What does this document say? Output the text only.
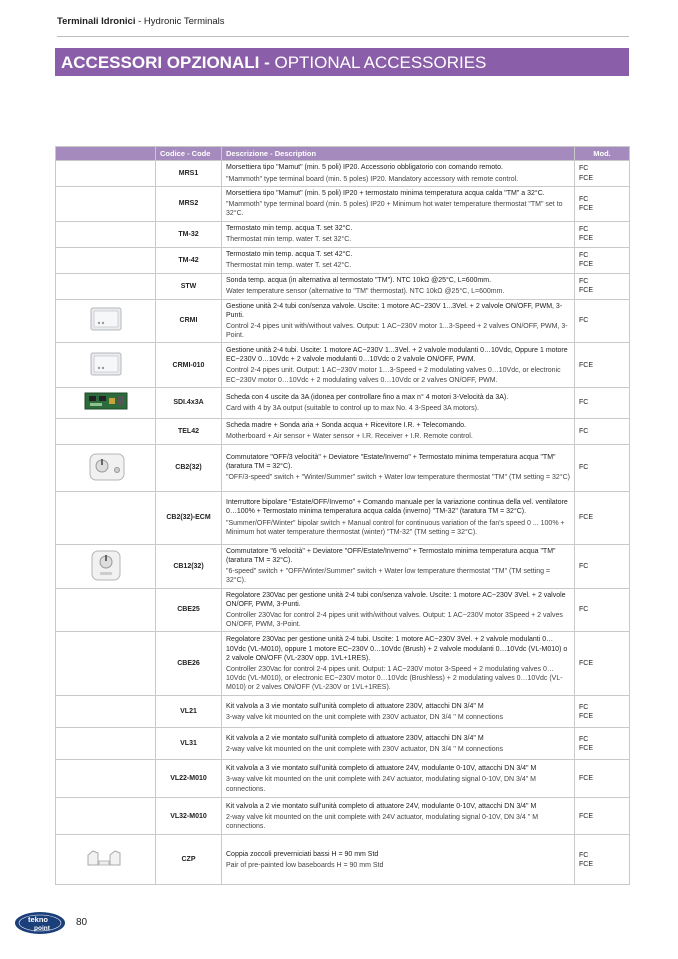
Terminali Idronici - Hydronic Terminals
ACCESSORI OPZIONALI - OPTIONAL ACCESSORIES
	Codice - Code	Descrizione - Description	Mod.
	MRS1	Morsettiera tipo "Mamut" (min. 5 poli) IP20. Accessorio obbligatorio con comando remoto.
"Mammoth" type terminal board (min. 5 poles) IP20. Mandatory accessory with remote control.	FC
FCE

	MRS2	Morsettiera tipo "Mamut" (min. 5 poli) IP20 + termostato minima temperatura acqua calda "TM" a 32°C.
"Mammoth" type terminal board (min. 5 poles) IP20 + Minimum hot water temperature thermostat "TM" set to 32°C.	FC
FCE

	TM-32	Termostato min temp. acqua T. set 32°C.
Thermostat min temp. water T. set 32°C.	FC
FCE

	TM-42	Termostato min temp. acqua T. set 42°C.
Thermostat min temp. water T. set 42°C.	FC
FCE

	STW	Sonda temp. acqua (in alternativa al termostato "TM"). NTC 10kΩ @25°C, L=600mm.
Water temperature sensor (alternative to "TM" thermostat). NTC 10kΩ @25°C, L=600mm.	FC
FCE

	CRMI	Gestione unità 2-4 tubi con/senza valvole. Uscite: 1 motore AC~230V 1...3Vel. + 2 valvole ON/OFF, PWM, 3-Punti.
Control 2-4 pipes unit with/without valves. Output: 1 AC~230V motor 1...3-Speed + 2 valves ON/OFF, PWM, 3-Point.	FC

	CRMI-010	Gestione unità 2-4 tubi. Uscite: 1 motore AC~230V 1...3Vel. + 2 valvole modulanti 0…10Vdc, Oppure 1 motore EC~230V 0…10Vdc + 2 valvole modulanti 0…10Vdc o 2 valvole ON/OFF, PWM.
Control 2-4 pipes unit. Output: 1 AC~230V motor 1…3-Speed + 2 modulating valves 0…10Vdc, or electronic EC~230V motor 0…10Vdc + 2 modulating valves 0…10Vdc or 2 valves ON/OFF, PWM.	FCE

	SDI.4x3A	Scheda con 4 uscite da 3A (idonea per controllare fino a max n° 4 motori 3-Velocità da 3A).
Card with 4 by 3A output (suitable to control up to max No. 4 3-Speed 3A motors).	FC

	TEL42	Scheda madre + Sonda aria + Sonda acqua + Ricevitore I.R. + Telecomando.
Motherboard + Air sensor + Water sensor + I.R. Receiver + I.R. Remote control.	FC

	CB2(32)	Commutatore "OFF/3 velocità" + Deviatore "Estate/Inverno" + Termostato minima temperatura acqua "TM" (taratura TM = 32°C).
"OFF/3-speed" switch + "Winter/Summer" switch + Water low temperature thermostat "TM" (TM setting = 32°C)	FC

	CB2(32)-ECM	Interruttore bipolare "Estate/OFF/Inverno" + Comando manuale per la variazione continua della vel. ventilatore 0…100% + Termostato minima temperatura acqua calda (inverno) "TM-32" (taratura TM = 32°C).
"Summer/OFF/Winter" bipolar switch + Manual control for continuous variation of the fan's speed 0 ... 100% + Minimum hot water temperature thermostat (winter) "TM-32" (TM setting = 32°C).	FCE

	CB12(32)	Commutatore "6 velocità" + Deviatore "OFF/Estate/Inverno" + Termostato minima temperatura acqua "TM" (taratura TM = 32°C).
"6-speed" switch + "OFF/Winter/Summer" switch + Water low temperature thermostat "TM" (TM setting = 32°C).	FC

	CBE25	Regolatore 230Vac per gestione unità 2-4 tubi con/senza valvole. Uscite: 1 motore AC~230V 3Vel. + 2 valvole ON/OFF, PWM, 3-Punti.
Controller 230Vac for control 2-4 pipes unit with/without valves. Output: 1 AC~230V motor 3Speed + 2 valves ON/OFF, PWM, 3-Point.	FC

	CBE26	Regolatore 230Vac per gestione unità 2-4 tubi. Uscite: 1 motore AC~230V 3Vel. + 2 valvole modulanti 0…10Vdc (VL-M010), oppure 1 motore EC~230V 0…10Vdc (Brush) + 2 valvole modulanti 0…10Vdc (VL-M010) o 2 valvole ON/OFF (VL-230V opp. 1VL+1RES).
Controller 230Vac for control 2-4 pipes unit. Output: 1 AC~230V motor 3-Speed + 2 modulating valves 0…10Vdc (VL-M010), or electronic EC~230V motor 0…10Vdc (Brushless) + 2 modulating valves 0…10Vdc (VL-M010) or 2 valves ON/OFF (VL-230V or 1VL+1RES).	FCE

	VL21	Kit valvola a 3 vie montato sull'unità completo di attuatore 230V, attacchi DN 3/4" M
3-way valve kit mounted on the unit complete with 230V actuator, DN 3/4 '' M connections	FC
FCE

	VL31	Kit valvola a 2 vie montato sull'unità completo di attuatore 230V, attacchi DN 3/4" M
2-way valve kit mounted on the unit complete with 230V actuator, DN 3/4 '' M connections	FC
FCE

	VL22-M010	Kit valvola a 3 vie montato sull'unità completo di attuatore 24V, modulante 0-10V, attacchi DN 3/4" M
3-way valve kit mounted on the unit complete with 24V actuator, modulating signal 0-10V, DN 3/4" M connections.	FCE

	VL32-M010	Kit valvola a 2 vie montato sull'unità completo di attuatore 24V, modulante 0-10V, attacchi DN 3/4" M
2-way valve kit mounted on the unit complete with 24V actuator, modulating signal 0-10V, DN 3/4 '' M connections.	FCE

	CZP	Coppia zoccoli preverniciati bassi H = 90 mm Std
Pair of pre-painted low baseboards H = 90 mm Std	FC
FCE
tekno
point
80
